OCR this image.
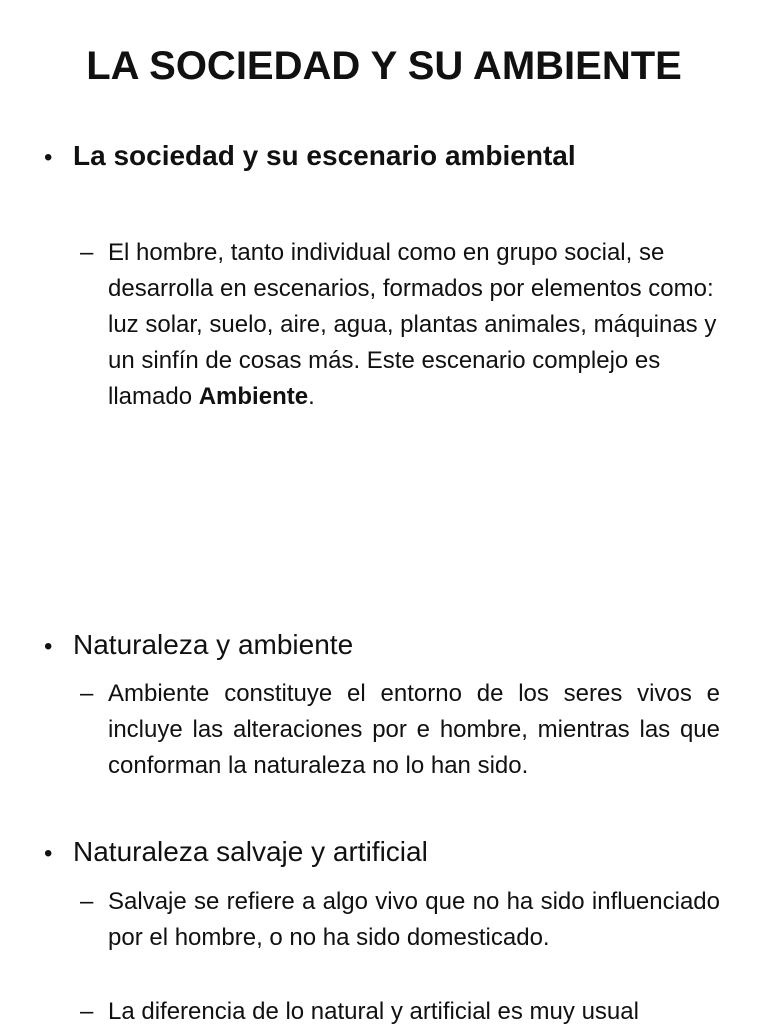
LA SOCIEDAD Y SU AMBIENTE
• La sociedad y su escenario ambiental
– El hombre, tanto individual como en grupo social, se desarrolla en escenarios, formados por elementos como: luz solar, suelo, aire, agua, plantas animales, máquinas y un sinfín de cosas más. Este escenario complejo es llamado Ambiente.
• Naturaleza y ambiente
– Ambiente constituye el entorno de los seres vivos e incluye las alteraciones por e hombre, mientras las que conforman la naturaleza no lo han sido.
• Naturaleza salvaje y artificial
– Salvaje se refiere a algo vivo que no ha sido influenciado por el hombre, o no ha sido domesticado.
– La diferencia de lo natural y artificial es muy usual
